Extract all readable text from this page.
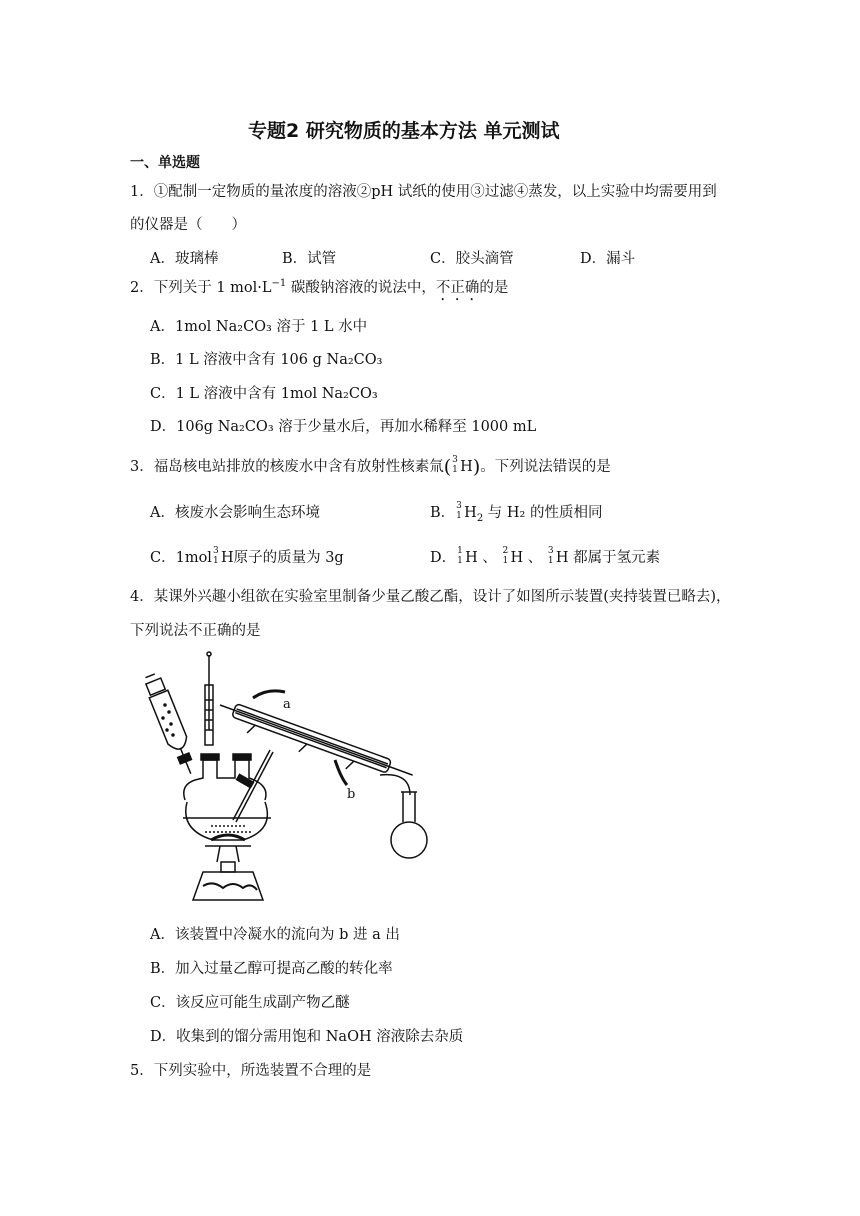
专题2 研究物质的基本方法 单元测试
一、单选题
1．①配制一定物质的量浓度的溶液②pH 试纸的使用③过滤④蒸发，以上实验中均需要用到
的仪器是（　　）
A．玻璃棒	B．试管	C．胶头滴管	D．漏斗
2．下列关于 1 $mol\cdot L^{-1}$ 碳酸钠溶液的说法中，不正确的是
A．1mol Na₂CO₃ 溶于 1 L 水中
B．1 L 溶液中含有 106 g Na₂CO₃
C．1 L 溶液中含有 1mol Na₂CO₃
D．106g Na₂CO₃ 溶于少量水后，再加水稀释至 1000 mL
3．福岛核电站排放的核废水中含有放射性核素氚( 3
1 H)。下列说法错误的是
A．核废水会影响生态环境	B． 3
1 $H_2$ 与 H₂ 的性质相同
C．1mol 3
1 H原子的质量为 3g	D． 1
1 H 、 2
1 H 、 3
1 H 都属于氢元素
4．某课外兴趣小组欲在实验室里制备少量乙酸乙酯，设计了如图所示装置(夹持装置已略去)，
下列说法不正确的是
a
b
A．该装置中冷凝水的流向为 b 进 a 出
B．加入过量乙醇可提高乙酸的转化率
C．该反应可能生成副产物乙醚
D．收集到的馏分需用饱和 NaOH 溶液除去杂质
5．下列实验中，所选装置不合理的是
